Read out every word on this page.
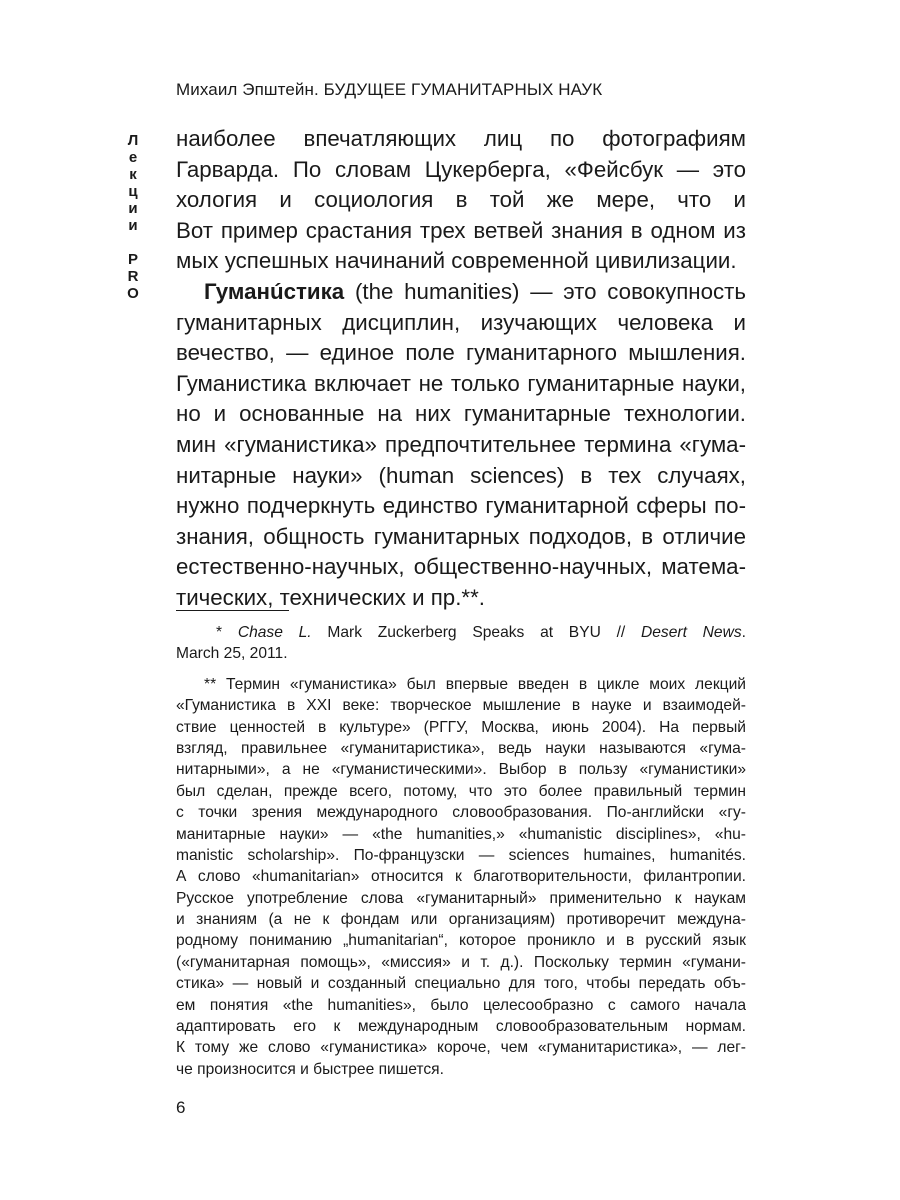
Михаил Эпштейн. БУДУЩЕЕ ГУМАНИТАРНЫХ НАУК
Л
е
к
ц
и
и
P
R
O
наиболее впечатляющих лиц по фотографиям
Гарварда. По словам Цукерберга, «Фейсбук — это
хология и социология в той же мере, что и
Вот пример срастания трех ветвей знания в одном из
мых успешных начинаний современной цивилизации.
Гуманúстика (the humanities) — это совокупность
гуманитарных дисциплин, изучающих человека и
вечество, — единое поле гуманитарного мышления.
Гуманистика включает не только гуманитарные науки,
но и основанные на них гуманитарные технологии.
мин «гуманистика» предпочтительнее термина «гума-
нитарные науки» (human sciences) в тех случаях,
нужно подчеркнуть единство гуманитарной сферы по-
знания, общность гуманитарных подходов, в отличие
естественно-научных, общественно-научных, матема-
тических, технических и пр.**.
* Chase L. Mark Zuckerberg Speaks at BYU // Desert News.
March 25, 2011.
** Термин «гуманистика» был впервые введен в цикле моих лекций
«Гуманистика в XXI веке: творческое мышление в науке и взаимодей-
ствие ценностей в культуре» (РГГУ, Москва, июнь 2004). На первый
взгляд, правильнее «гуманитаристика», ведь науки называются «гума-
нитарными», а не «гуманистическими». Выбор в пользу «гуманистики»
был сделан, прежде всего, потому, что это более правильный термин
с точки зрения международного словообразования. По-английски «гу-
манитарные науки» — «the humanities,» «humanistic disciplines», «hu-
manistic scholarship». По-французски — sciences humaines, humanités.
А слово «humanitarian» относится к благотворительности, филантропии.
Русское употребление слова «гуманитарный» применительно к наукам
и знаниям (а не к фондам или организациям) противоречит междуна-
родному пониманию „humanitarian“, которое проникло и в русский язык
(«гуманитарная помощь», «миссия» и т. д.). Поскольку термин «гумани-
стика» — новый и созданный специально для того, чтобы передать объ-
ем понятия «the humanities», было целесообразно с самого начала
адаптировать его к международным словообразовательным нормам.
К тому же слово «гуманистика» короче, чем «гуманитаристика», — лег-
че произносится и быстрее пишется.
6
